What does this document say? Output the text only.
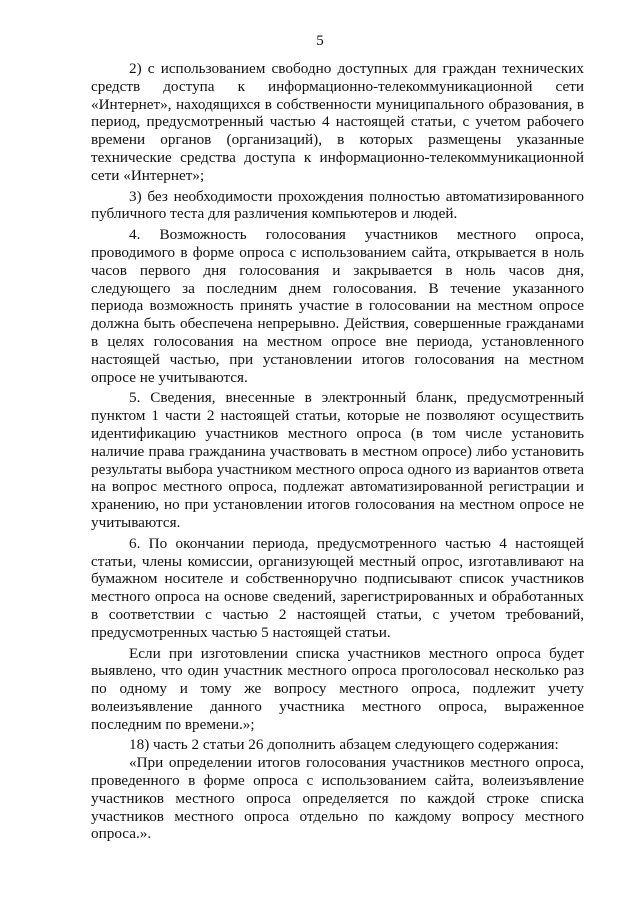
5

2) с использованием свободно доступных для граждан технических средств доступа к информационно-телекоммуникационной сети «Интернет», находящихся в собственности муниципального образования, в период, предусмотренный частью 4 настоящей статьи, с учетом рабочего времени органов (организаций), в которых размещены указанные технические средства доступа к информационно-телекоммуникационной сети «Интернет»;

3) без необходимости прохождения полностью автоматизированного публичного теста для различения компьютеров и людей.

4. Возможность голосования участников местного опроса, проводимого в форме опроса с использованием сайта, открывается в ноль часов первого дня голосования и закрывается в ноль часов дня, следующего за последним днем голосования. В течение указанного периода возможность принять участие в голосовании на местном опросе должна быть обеспечена непрерывно. Действия, совершенные гражданами в целях голосования на местном опросе вне периода, установленного настоящей частью, при установлении итогов голосования на местном опросе не учитываются.

5. Сведения, внесенные в электронный бланк, предусмотренный пунктом 1 части 2 настоящей статьи, которые не позволяют осуществить идентификацию участников местного опроса (в том числе установить наличие права гражданина участвовать в местном опросе) либо установить результаты выбора участником местного опроса одного из вариантов ответа на вопрос местного опроса, подлежат автоматизированной регистрации и хранению, но при установлении итогов голосования на местном опросе не учитываются.

6. По окончании периода, предусмотренного частью 4 настоящей статьи, члены комиссии, организующей местный опрос, изготавливают на бумажном носителе и собственноручно подписывают список участников местного опроса на основе сведений, зарегистрированных и обработанных в соответствии с частью 2 настоящей статьи, с учетом требований, предусмотренных частью 5 настоящей статьи.

Если при изготовлении списка участников местного опроса будет выявлено, что один участник местного опроса проголосовал несколько раз по одному и тому же вопросу местного опроса, подлежит учету волеизъявление данного участника местного опроса, выраженное последним по времени.»;

18) часть 2 статьи 26 дополнить абзацем следующего содержания:

«При определении итогов голосования участников местного опроса, проведенного в форме опроса с использованием сайта, волеизъявление участников местного опроса определяется по каждой строке списка участников местного опроса отдельно по каждому вопросу местного опроса.».
